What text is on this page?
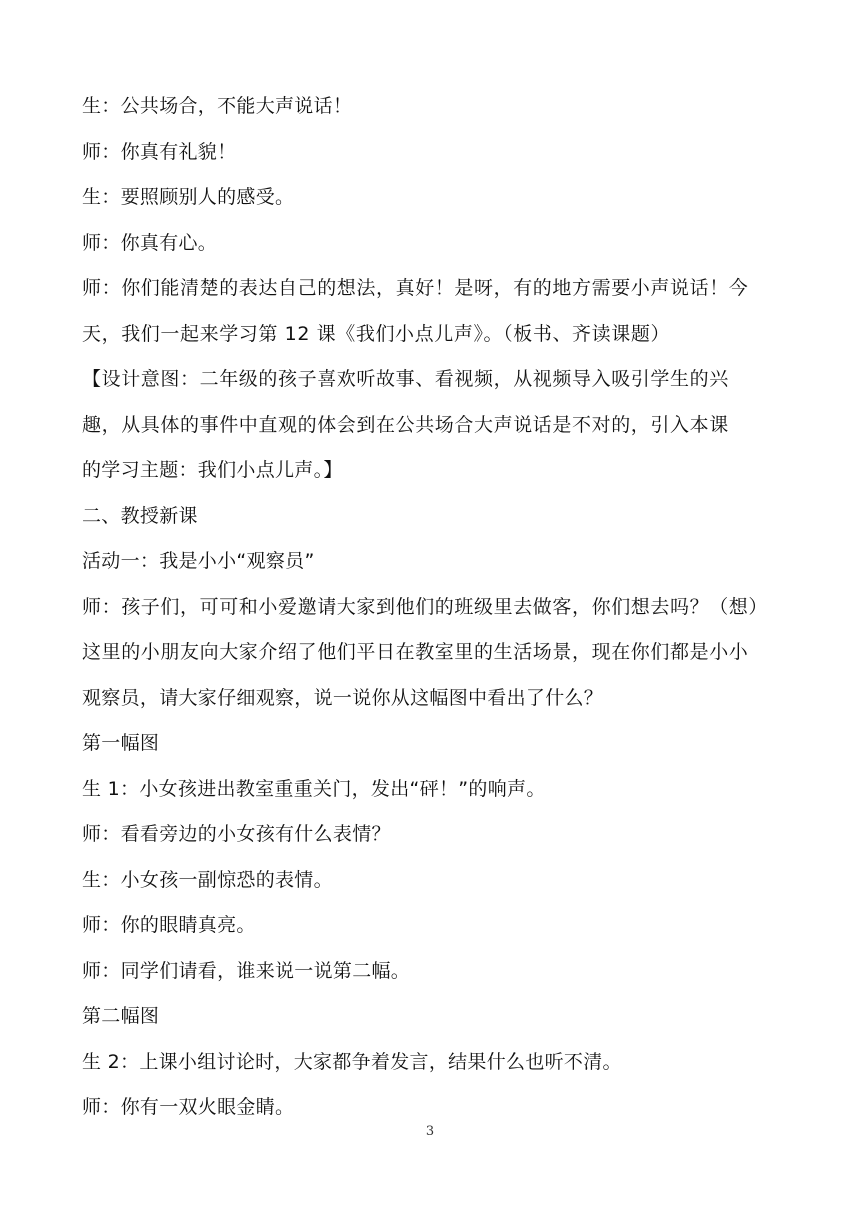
生：公共场合，不能大声说话！
师：你真有礼貌！
生：要照顾别人的感受。
师：你真有心。
师：你们能清楚的表达自己的想法，真好！是呀，有的地方需要小声说话！今
天，我们一起来学习第 12 课《我们小点儿声》。（板书、齐读课题）
【设计意图：二年级的孩子喜欢听故事、看视频，从视频导入吸引学生的兴
趣，从具体的事件中直观的体会到在公共场合大声说话是不对的，引入本课
的学习主题：我们小点儿声。】
二、教授新课
活动一：我是小小“观察员”
师：孩子们，可可和小爱邀请大家到他们的班级里去做客，你们想去吗？（想）
这里的小朋友向大家介绍了他们平日在教室里的生活场景，现在你们都是小小
观察员，请大家仔细观察，说一说你从这幅图中看出了什么？
第一幅图
生 1：小女孩进出教室重重关门，发出“砰！”的响声。
师：看看旁边的小女孩有什么表情？
生：小女孩一副惊恐的表情。
师：你的眼睛真亮。
师：同学们请看，谁来说一说第二幅。
第二幅图
生 2：上课小组讨论时，大家都争着发言，结果什么也听不清。
师：你有一双火眼金睛。
3
